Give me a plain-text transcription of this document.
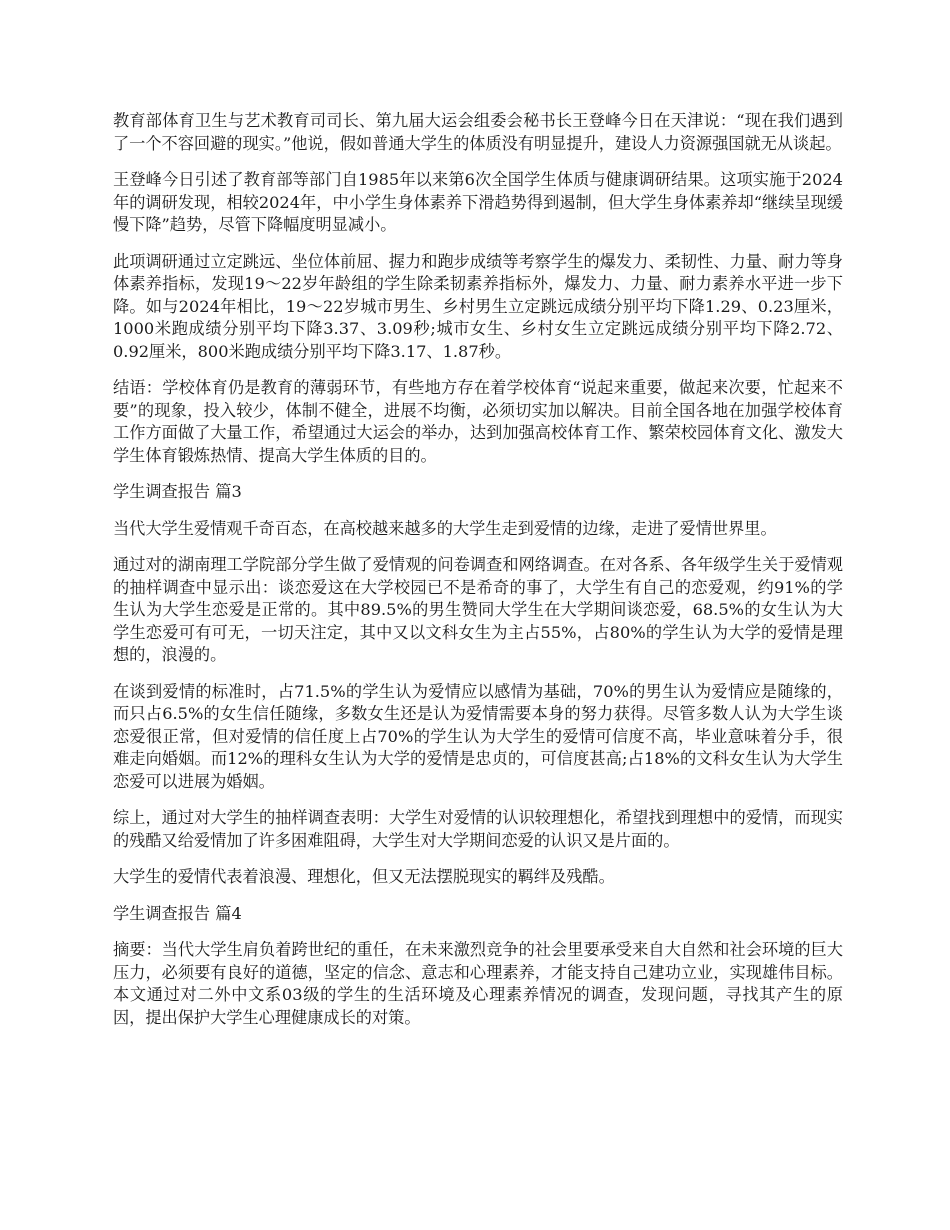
教育部体育卫生与艺术教育司司长、第九届大运会组委会秘书长王登峰今日在天津说：“现在我们遇到了一个不容回避的现实。”他说，假如普通大学生的体质没有明显提升，建设人力资源强国就无从谈起。

王登峰今日引述了教育部等部门自1985年以来第6次全国学生体质与健康调研结果。这项实施于2024年的调研发现，相较2024年，中小学生身体素养下滑趋势得到遏制，但大学生身体素养却“继续呈现缓慢下降”趋势，尽管下降幅度明显减小。

此项调研通过立定跳远、坐位体前屈、握力和跑步成绩等考察学生的爆发力、柔韧性、力量、耐力等身体素养指标，发现19～22岁年龄组的学生除柔韧素养指标外，爆发力、力量、耐力素养水平进一步下降。如与2024年相比，19～22岁城市男生、乡村男生立定跳远成绩分别平均下降1.29、0.23厘米，1000米跑成绩分别平均下降3.37、3.09秒;城市女生、乡村女生立定跳远成绩分别平均下降2.72、0.92厘米，800米跑成绩分别平均下降3.17、1.87秒。

结语：学校体育仍是教育的薄弱环节，有些地方存在着学校体育“说起来重要，做起来次要，忙起来不要”的现象，投入较少，体制不健全，进展不均衡，必须切实加以解决。目前全国各地在加强学校体育工作方面做了大量工作，希望通过大运会的举办，达到加强高校体育工作、繁荣校园体育文化、激发大学生体育锻炼热情、提高大学生体质的目的。

学生调查报告 篇3

当代大学生爱情观千奇百态，在高校越来越多的大学生走到爱情的边缘，走进了爱情世界里。

通过对的湖南理工学院部分学生做了爱情观的问卷调查和网络调查。在对各系、各年级学生关于爱情观的抽样调查中显示出：谈恋爱这在大学校园已不是希奇的事了，大学生有自己的恋爱观，约91%的学生认为大学生恋爱是正常的。其中89.5%的男生赞同大学生在大学期间谈恋爱，68.5%的女生认为大学生恋爱可有可无，一切天注定，其中又以文科女生为主占55%，占80%的学生认为大学的爱情是理想的，浪漫的。

在谈到爱情的标准时，占71.5%的学生认为爱情应以感情为基础，70%的男生认为爱情应是随缘的，而只占6.5%的女生信任随缘，多数女生还是认为爱情需要本身的努力获得。尽管多数人认为大学生谈恋爱很正常，但对爱情的信任度上占70%的学生认为大学生的爱情可信度不高，毕业意味着分手，很难走向婚姻。而12%的理科女生认为大学的爱情是忠贞的，可信度甚高;占18%的文科女生认为大学生恋爱可以进展为婚姻。

综上，通过对大学生的抽样调查表明：大学生对爱情的认识较理想化，希望找到理想中的爱情，而现实的残酷又给爱情加了许多困难阻碍，大学生对大学期间恋爱的认识又是片面的。

大学生的爱情代表着浪漫、理想化，但又无法摆脱现实的羁绊及残酷。

学生调查报告 篇4

摘要：当代大学生肩负着跨世纪的重任，在未来激烈竞争的社会里要承受来自大自然和社会环境的巨大压力，必须要有良好的道德，坚定的信念、意志和心理素养，才能支持自己建功立业，实现雄伟目标。本文通过对二外中文系03级的学生的生活环境及心理素养情况的调查，发现问题，寻找其产生的原因，提出保护大学生心理健康成长的对策。
